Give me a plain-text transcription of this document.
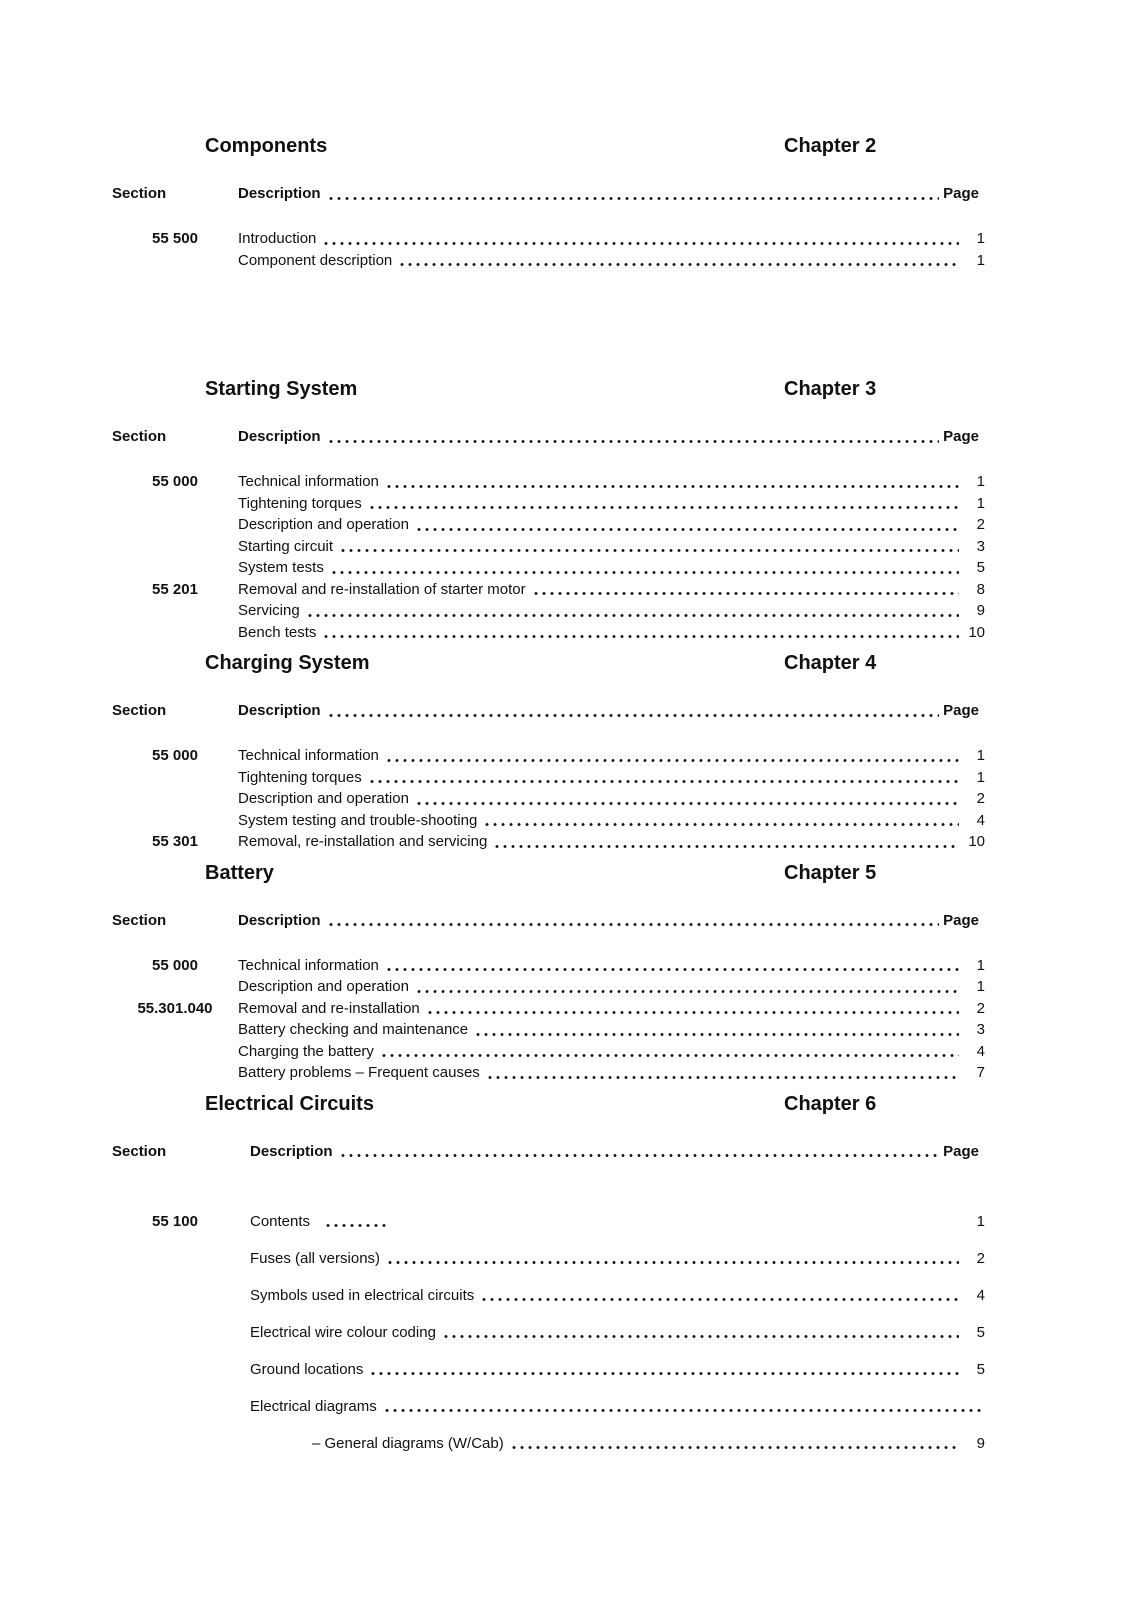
Components	Chapter 2
Section	Description	Page
55 500	Introduction	1
Component description	1
Starting System	Chapter 3
Section	Description	Page
55 000	Technical information	1
Tightening torques	1
Description and operation	2
Starting circuit	3
System tests	5
55 201	Removal and re-installation of starter motor	8
Servicing	9
Bench tests	10
Charging System	Chapter 4
Section	Description	Page
55 000	Technical information	1
Tightening torques	1
Description and operation	2
System testing and trouble-shooting	4
55 301	Removal, re-installation and servicing	10
Battery	Chapter 5
Section	Description	Page
55 000	Technical information	1
Description and operation	1
55.301.040	Removal and re-installation	2
Battery checking and maintenance	3
Charging the battery	4
Battery problems – Frequent causes	7
Electrical Circuits	Chapter 6
Section	Description	Page
55 100	Contents	1
Fuses (all versions)	2
Symbols used in electrical circuits	4
Electrical wire colour coding	5
Ground locations	5
Electrical diagrams
– General diagrams (W/Cab)	9
